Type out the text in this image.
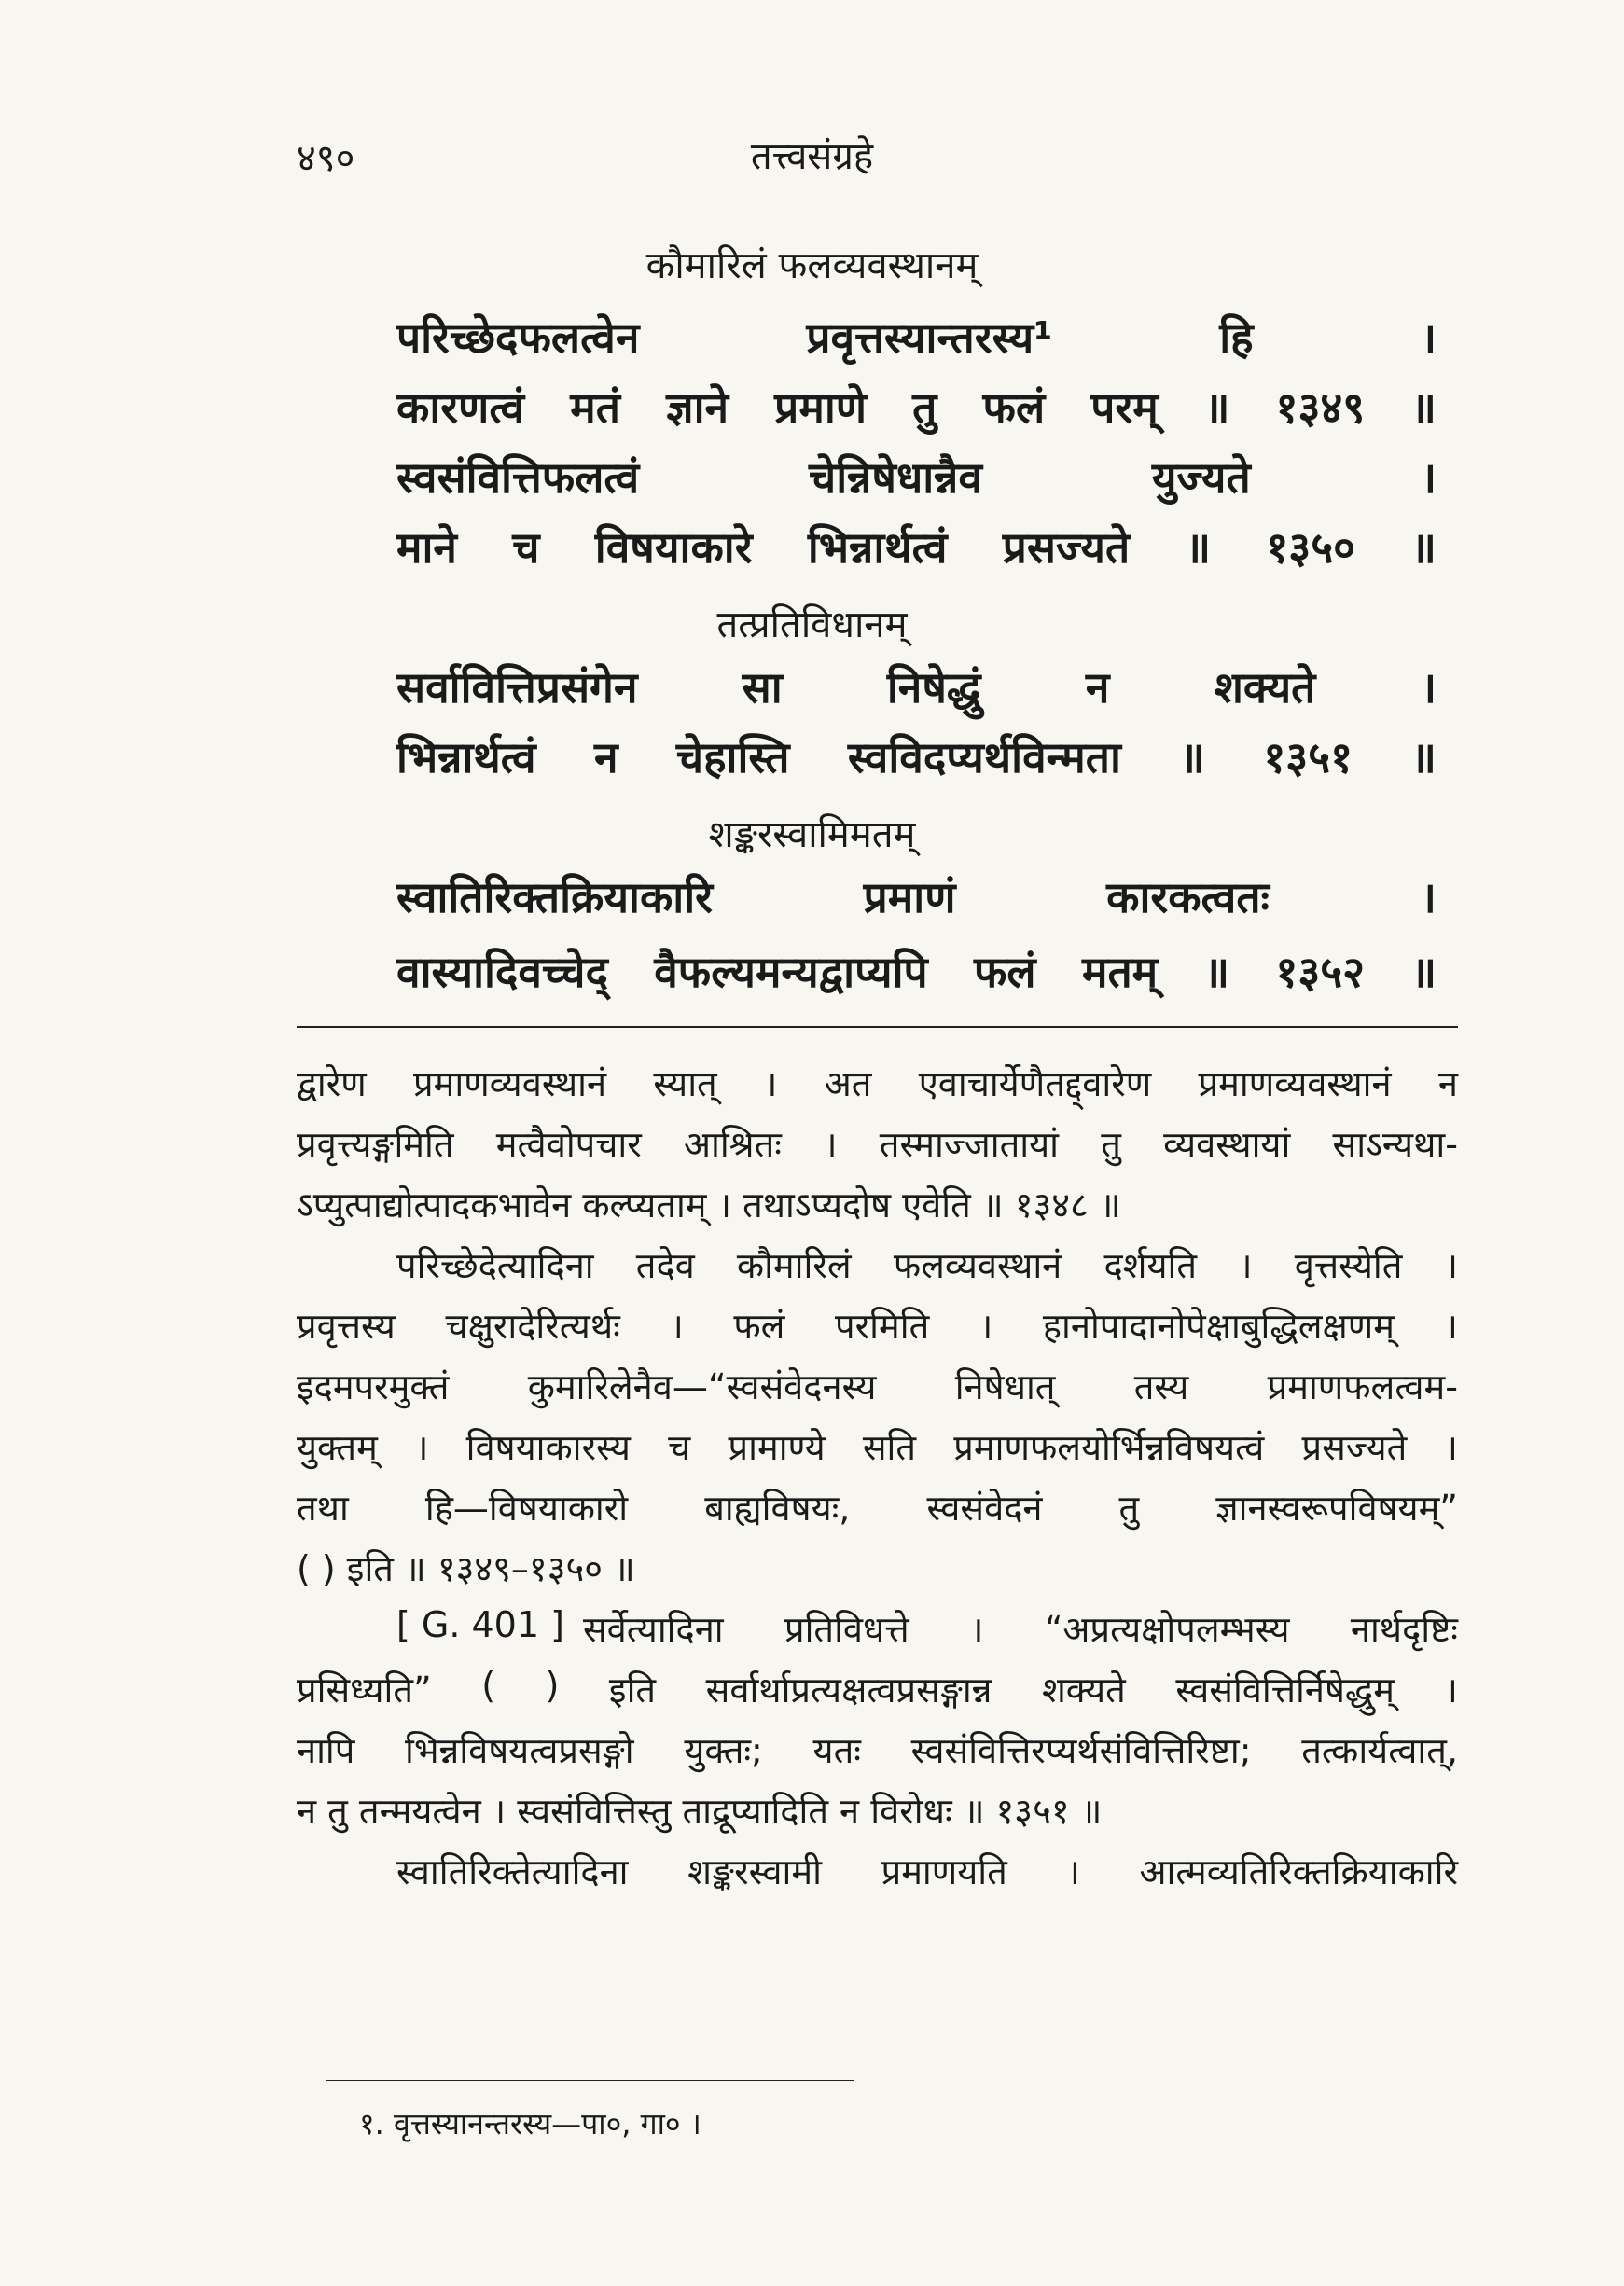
४९०	तत्त्वसंग्रहे
कौमारिलं फलव्यवस्थानम्
परिच्छेदफलत्वेन	प्रवृत्तस्यान्तरस्य¹	हि	।
कारणत्वं मतं ज्ञाने प्रमाणे तु फलं परम् ॥ १३४९ ॥
स्वसंवित्तिफलत्वं	चेन्निषेधान्नैव	युज्यते	।
माने च विषयाकारे भिन्नार्थत्वं प्रसज्यते ॥ १३५० ॥
तत्प्रतिविधानम्
सर्वावित्तिप्रसंगेन सा निषेद्धुं न शक्यते ।
भिन्नार्थत्वं न चेहास्ति स्वविदप्यर्थविन्मता ॥ १३५१ ॥
शङ्करस्वामिमतम्
स्वातिरिक्तक्रियाकारि	प्रमाणं	कारकत्वतः	।
वास्यादिवच्चेद् वैफल्यमन्यद्वाप्यपि फलं मतम् ॥ १३५२ ॥
द्वारेण प्रमाणव्यवस्थानं स्यात् । अत एवाचार्येणैतद्द्वारेण प्रमाणव्यवस्थानं न
प्रवृत्त्यङ्गमिति मत्वैवोपचार आश्रितः । तस्माज्जातायां तु व्यवस्थायां साऽन्यथा-
ऽप्युत्पाद्योत्पादकभावेन कल्प्यताम् । तथाऽप्यदोष एवेति ॥ १३४८ ॥
परिच्छेदेत्यादिना तदेव कौमारिलं फलव्यवस्थानं दर्शयति । वृत्तस्येति ।
प्रवृत्तस्य चक्षुरादेरित्यर्थः । फलं परमिति । हानोपादानोपेक्षाबुद्धिलक्षणम् ।
इदमपरमुक्तं कुमारिलेनैव—“स्वसंवेदनस्य निषेधात् तस्य प्रमाणफलत्वम-
युक्तम् । विषयाकारस्य च प्रामाण्ये सति प्रमाणफलयोर्भिन्नविषयत्वं प्रसज्यते ।
तथा हि—विषयाकारो बाह्यविषयः, स्वसंवेदनं तु ज्ञानस्वरूपविषयम्”
( ) इति ॥ १३४९–१३५० ॥
[ G. 401 ] सर्वेत्यादिना प्रतिविधत्ते । “अप्रत्यक्षोपलम्भस्य नार्थदृष्टिः
प्रसिध्यति” ( ) इति सर्वार्थाप्रत्यक्षत्वप्रसङ्गान्न शक्यते स्वसंवित्तिर्निषेद्धुम् ।
नापि भिन्नविषयत्वप्रसङ्गो युक्तः; यतः स्वसंवित्तिरप्यर्थसंवित्तिरिष्टा; तत्कार्यत्वात्,
न तु तन्मयत्वेन । स्वसंवित्तिस्तु ताद्रूप्यादिति न विरोधः ॥ १३५१ ॥
स्वातिरिक्तेत्यादिना शङ्करस्वामी प्रमाणयति । आत्मव्यतिरिक्तक्रियाकारि
१. वृत्तस्यानन्तरस्य—पा०, गा० ।
